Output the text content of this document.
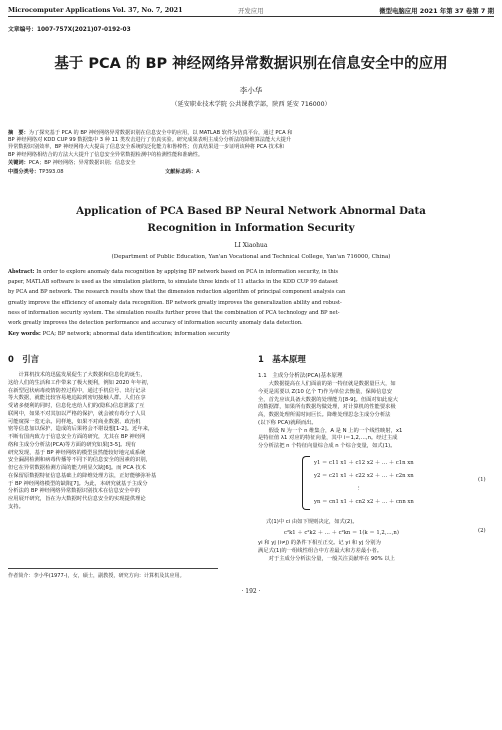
Microcomputer Applications Vol. 37, No. 7, 2021	开发应用	微型电脑应用 2021 年第 37 卷第 7 期
文章编号：1007-757X(2021)07-0192-03
基于 PCA 的 BP 神经网络异常数据识别在信息安全中的应用
李小华
（延安职业技术学院 公共课教学部，陕西 延安 716000）

摘　要：为了探究基于 PCA 的 BP 神经网络异常数据识别在信息安全中的应用，以 MATLAB 软件为仿真平台，通过 PCA 和

BP 神经网络对 KDD CUP 99 数据集中 3 种 11 类攻击进行了仿真实验。研究成果表明主成分分析法的降维算法能大大提升

异常数据识别效率，BP 神经网络大大提高了信息安全系统的泛化能力和鲁棒性；仿真结果进一步证明该种将 PCA 技术和

BP 神经网络相结合的方法大大提升了信息安全异常数据检测中的检测性能和准确性。

关键词：PCA；BP 神经网络；异常数据识别；信息安全
中图分类号：TP393.08	文献标志码：A
Application of PCA Based BP Neural Network Abnormal Data
Recognition in Information Security
LI Xiaohua
(Department of Public Education, Yan'an Vocational and Technical College, Yan'an 716000, China)

Abstract: In order to explore anomaly data recognition by applying BP network based on PCA in information security, in this

paper, MATLAB software is used as the simulation platform, to simulate three kinds of 11 attacks in the KDD CUP 99 dataset

by PCA and BP network. The research results show that the dimension reduction algorithm of principal component analysis can

greatly improve the efficiency of anomaly data recognition. BP network greatly improves the generalization ability and robust-

ness of information security system. The simulation results further prove that the combination of PCA technology and BP net-

work greatly improves the detection performance and accuracy of information security anomaly data detection.

Key words: PCA; BP network; abnormal data identification; information security
0　引言

　　计算机技术的迅猛发展促生了大数据和信息化的诞生，

这给人们的生活和工作带来了极大便利，例如 2020 年年初，

在新型冠状病毒疫情防控过程中，通过手机信号、出行记录

等大数据，就能比较容易地追踪到密切接触人群。人们在享

受诸多便利的同时，信息化也给人们的(隐私)信息泄露了互

联网中，如果不对其加以严格的保护，就会被有毒分子人员

可能窥探一览无余。同样地，如果不对商业数据、政治机

密等信息加以保护，造成的后果将会不堪设想[1-2]。近年来，

不断有国内致力于信息安全方面的研究，尤其在 BP 神经网

络和主成分分析法(PCA)等方面的研究如果[3-5]。现有

研究发现，基于 BP 神经网络的模型虽然能较好地完成系统

安全漏洞检测和病毒传播等不同下的信息安全的因素的识别，

但它在异常数据检测方面的能力明显欠缺[6]。而 PCA 技术

在保留原数据特征信息基础上的降维处理方法，正好能够弥补基

于 BP 神经网络模型的缺陷[7]。为此，本研究就基于主成分

分析法的 BP 神经网络异常数据识别技术在信息安全中的

应用展开研究，旨在为大数据时代信息安全的实现提供理论

支持。

1　基本原理
1.1　主成分分析法(PCA)基本原理

　　大数据提高在人们面前的第一特征就是数据量巨大，如

今更是需要以 Z(10 亿个 T)作为单位去衡量，保障信息安

全，首先应该具备大数据的处理能力[8-9]。但面对如此庞大

的数据群，如果所有数据均做处理，对计算机的性能要求极

高，数据处理所需时间巨长。降维处理思念主成分分析法

(以下称 PCA)就顾而出。

　　假设 N 为一个 n 维集合，A 是 N 上的一个线性映射，x1

是特征值 λ1 对应的特征向量，其中 i＝1,2,…,n。经过主成

分分析法把 n 个特征向量综合成 n 个综合变量，如式(1)。

y1 ＝ c11 x1 ＋ c12 x2 ＋ … ＋ c1n xn

y2 ＝ c21 x1 ＋ c22 x2 ＋ … ＋ c2n xn

⋮

yn ＝ cn1 x1 ＋ cn2 x2 ＋ … ＋ cnn xn

(1)
式(1)中 ci 由如下规则决定，如式(2)。
c²k1 ＋ c²k2 ＋ … ＋ c²kn ＝ 1(k ＝ 1,2,…,n)	(2)

yi 和 yj (i≠j) 的条件下相互正交。记 yi 和 yj 分别为

满足式(1)的一组线性组合中方差最大和方差最小者。

　　对于主成分分析法分量，一般关注贡献率在 90% 以上

作者简介：李小华(1977-)，女，硕士，副教授，研究方向：计算机及其应用。
· 192 ·
